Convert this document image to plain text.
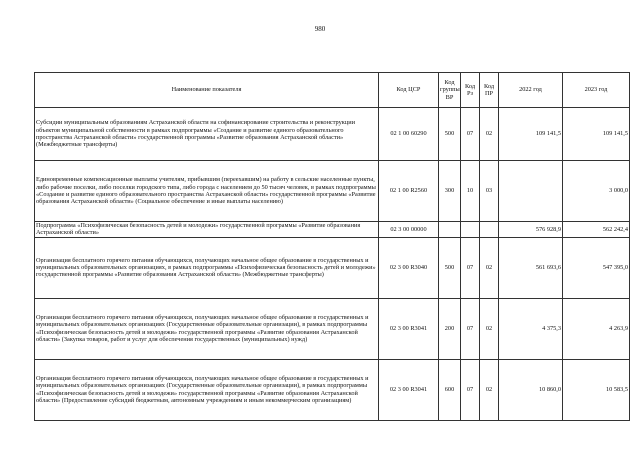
980
Наименование показателя	Код ЦСР	Код группы ВР	Код Рз	Код ПР	2022 год	2023 год
Субсидии муниципальным образованиям Астраханской области на софинансирование строительства и реконструкции объектов муниципальной собственности в рамках подпрограммы «Создание и развитие единого образовательного пространства Астраханской области» государственной программы «Развитие образования Астраханской области» (Межбюджетные трансферты)	02 1 00 60290	500	07	02	109 141,5	109 141,5
Единовременные компенсационные выплаты учителям, прибывшим (переехавшим) на работу в сельские населенные пункты, либо рабочие поселки, либо поселки городского типа, либо города с населением до 50 тысяч человек, в рамках подпрограммы «Создание и развитие единого образовательного пространства Астраханской области» государственной программы «Развитие образования Астраханской области» (Социальное обеспечение и иные выплаты населению)	02 1 00 R2560	300	10	03		3 000,0
Подпрограмма «Психофизическая безопасность детей и молодежи» государственной программы «Развитие образования Астраханской области»	02 3 00 00000				576 928,9	562 242,4
Организация бесплатного горячего питания обучающихся, получающих начальное общее образование в государственных и муниципальных образовательных организациях, в рамках подпрограммы «Психофизическая безопасность детей и молодежи» государственной программы «Развитие образования Астраханской области» (Межбюджетные трансферты)	02 3 00 R3040	500	07	02	561 693,6	547 395,0
Организация бесплатного горячего питания обучающихся, получающих начальное общее образование в государственных и муниципальных образовательных организациях (Государственные образовательные организации), в рамках подпрограммы «Психофизическая безопасность детей и молодежи» государственной программы «Развитие образования Астраханской области» (Закупка товаров, работ и услуг для обеспечения государственных (муниципальных) нужд)	02 3 00 R3041	200	07	02	4 375,3	4 263,9
Организация бесплатного горячего питания обучающихся, получающих начальное общее образование в государственных и муниципальных образовательных организациях (Государственные образовательные организации), в рамках подпрограммы «Психофизическая безопасность детей и молодежи» государственной программы «Развитие образования Астраханской области» (Предоставление субсидий бюджетным, автономным учреждениям и иным некоммерческим организациям)	02 3 00 R3041	600	07	02	10 860,0	10 583,5
